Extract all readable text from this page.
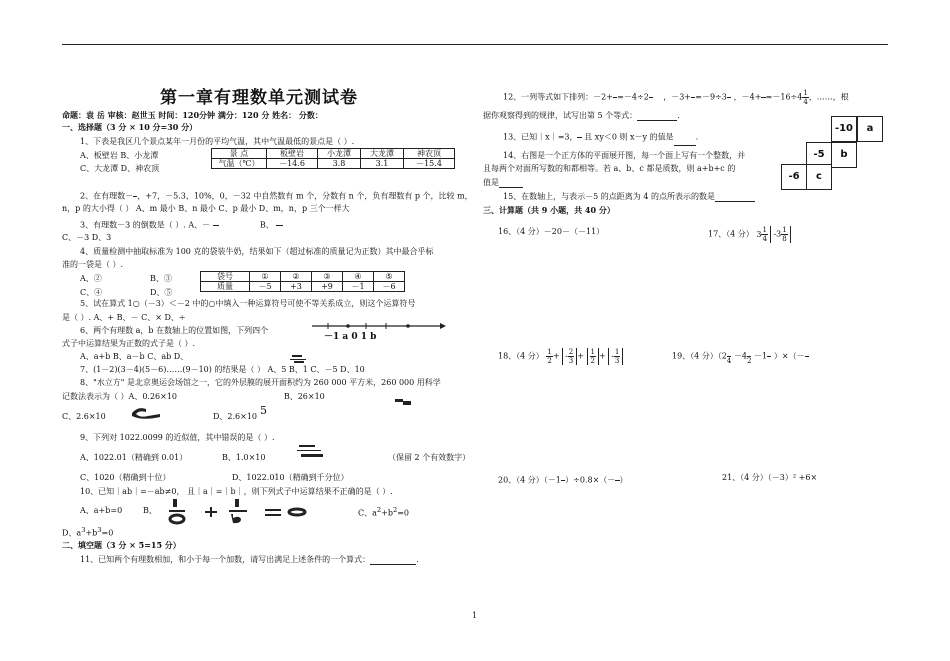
第一章有理数单元测试卷
命题：袁 岳 审核：赵世玉 时间：120分钟 满分：120 分 姓名： 分数：
一、选择题（3 分 × 10 分=30 分）
1、下表是我区几个景点某年一月份的平均气温，其中气温最低的景点是（ ）.
A、板壁岩 B、小龙潭
C、大龙潭 D、神农顶
景 点	板壁岩	小龙潭	大龙潭	神农顶
气温（℃）	－14.6	3.8	3.1	－15.4
2、在有理数－

，+7，－5.3，10%，0，－32 中自然数有 m 个，分数有 n 个，负有理数有 p 个，比较 m，
n，p 的大小得（ ） A、m 最小 B、n 最小 C、p 最小 D、m，n，p 三个一样大
3、有理数－3 的倒数是（ ）. A、－

	B、

C、－3 D、3
4、质量检测中抽取标准为 100 克的袋装牛奶，结果如下（超过标准的质量记为正数）其中最合乎标
准的一袋是（ ）.
A、②	B、③
C、④	D、⑤
袋号	①	②	③	④	⑤
质量	－5	+3	+9	－1	－6
5、试在算式 1○（－3）＜－2 中的○中填入一种运算符号可使不等关系成立，则这个运算符号
是（ ）. A、+ B、－ C、× D、÷
6、两个有理数 a，b 在数轴上的位置如图，下列四个
式子中运算结果为正数的式子是（ ）.
A、a+b B、a－b C、ab D、
－1 a 0 1 b
7、(1－2)(3－4)(5－6)……(9－10) 的结果是（ ） A、5 B、1 C、－5 D、10
8、"水立方" 是北京奥运会场馆之一，它的外层膜的展开面积约为 260 000 平方米，260 000 用科学
记数法表示为（ ）A、0.26×10	B、26×10
C、2.6×10	D、2.6×10 5
9、下列对 1022.0099 的近似值，其中错误的是（ ）.
A、1022.01（精确到 0.01）	B、1.0×10	（保留 2 个有效数字）
C、1020（精确到十位）	D、1022.010（精确到千分位）
10、已知｜ab｜=－ab≠0， 且｜a｜=｜b｜，则下列式子中运算结果不正确的是（ ）.
A、a+b=0	B、	C、$a^2+b^2=0$
D、$a^3+b^3=0$
二、填空题（3 分 × 5=15 分）
11、已知两个有理数相加，和小于每一个加数，请写出满足上述条件的一个算式：	.
12、一列等式如下排列：－2+

=－4÷2

，－3+

=－9÷3

，－4+

$=-16\div 4 \frac{1}{4}$ ，……，根
据你观察得到的规律，试写出第 5 个等式：	.
13、已知｜x｜=3，

且 xy＜0 则 x－y 的值是	.
14、右图是一个正方体的平面展开图，每一个面上写有一个整数，并
且每两个对面所写数的和都相等。若 a、b、c 都是质数，则 a+b+c 的
值是
15、在数轴上，与表示－5 的点距离为 4 的点所表示的数是
-10	a
-5	b
-6	c
三、计算题（共 9 小题，共 40 分）
16、（4 分）－20－（－11）	17、（4 分） $3 \frac{1}{4} -3 \frac{1}{8}$
18、（4 分） $\frac{1}{2}$ + - $\frac{2}{3} + \frac{1}{2}$ + - $\frac{1}{3}$	19、（4 分）（2

4
－4

2
－1

）×（－

20、（4 分）（－1

）÷0.8×（－

）	21、（4 分）（－3）² +6×
1
